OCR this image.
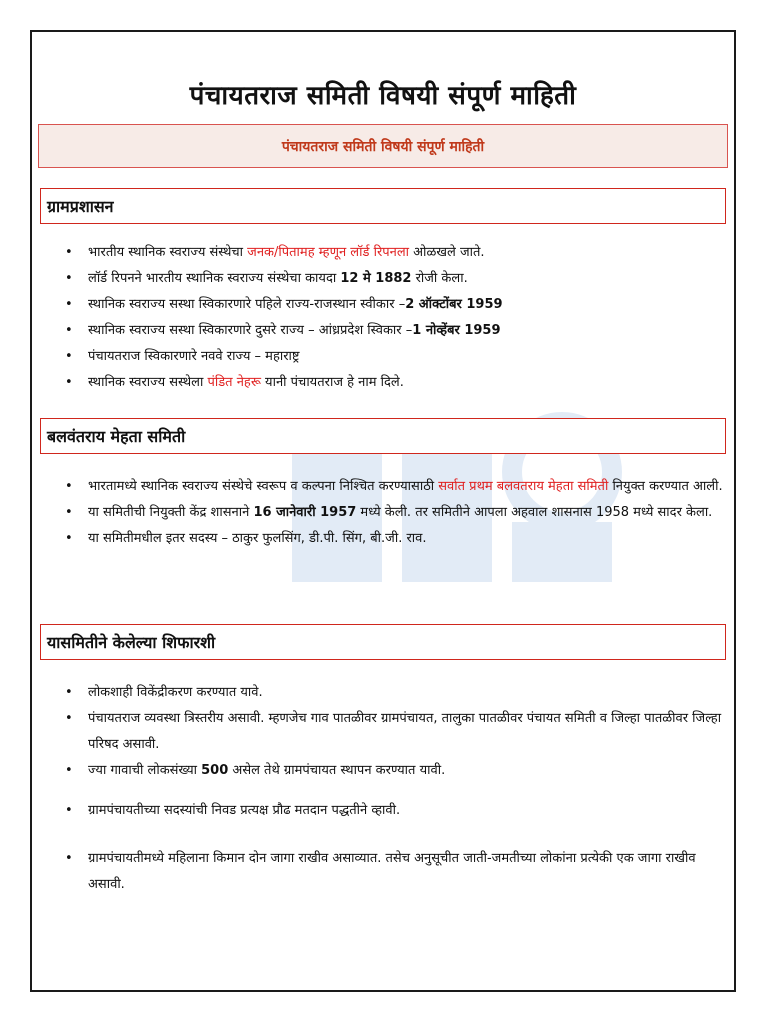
पंचायतराज समिती विषयी संपूर्ण माहिती
पंचायतराज समिती विषयी संपूर्ण माहिती
ग्रामप्रशासन
• भारतीय स्थानिक स्वराज्य संस्थेचा जनक/पितामह म्हणून लॉर्ड रिपनला ओळखले जाते.
• लॉर्ड रिपनने भारतीय स्थानिक स्वराज्य संस्थेचा कायदा 12 मे 1882 रोजी केला.
• स्थानिक स्वराज्य सस्था स्विकारणारे पहिले राज्य-राजस्थान स्वीकार –2 ऑक्टोंबर 1959
• स्थानिक स्वराज्य सस्था स्विकारणारे दुसरे राज्य – आंध्रप्रदेश स्विकार –1 नोव्हेंबर 1959
• पंचायतराज स्विकारणारे नववे राज्य – महाराष्ट्र
• स्थानिक स्वराज्य सस्थेला पंडित नेहरू यानी पंचायतराज हे नाम दिले.
बलवंतराय मेहता समिती
• भारतामध्ये स्थानिक स्वराज्य संस्थेचे स्वरूप व कल्पना निश्चित करण्यासाठी सर्वात प्रथम बलवतराय मेहता समिती नियुक्त करण्यात आली.
• या समितीची नियुक्ती केंद्र शासनाने 16 जानेवारी 1957 मध्ये केली. तर समितीने आपला अहवाल शासनास 1958 मध्ये सादर केला.
• या समितीमधील इतर सदस्य – ठाकुर फुलसिंग, डी.पी. सिंग, बी.जी. राव.
यासमितीने केलेल्या शिफारशी
• लोकशाही विकेंद्रीकरण करण्यात यावे.
• पंचायतराज व्यवस्था त्रिस्तरीय असावी. म्हणजेच गाव पातळीवर ग्रामपंचायत, तालुका पातळीवर पंचायत समिती व जिल्हा पातळीवर जिल्हा परिषद असावी.
• ज्या गावाची लोकसंख्या 500 असेल तेथे ग्रामपंचायत स्थापन करण्यात यावी.
• ग्रामपंचायतीच्या सदस्यांची निवड प्रत्यक्ष प्रौढ मतदान पद्धतीने व्हावी.
• ग्रामपंचायतीमध्ये महिलाना किमान दोन जागा राखीव असाव्यात. तसेच अनुसूचीत जाती-जमतीच्या लोकांना प्रत्येकी एक जागा राखीव असावी.
